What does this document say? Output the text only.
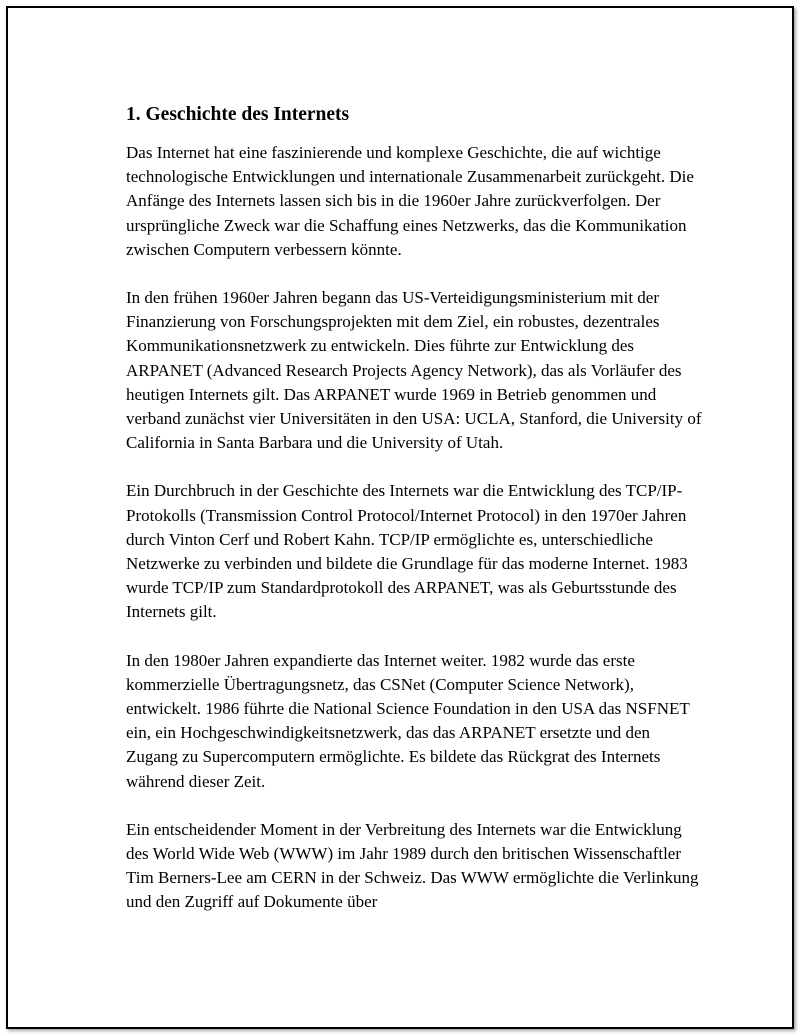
1. Geschichte des Internets

Das Internet hat eine faszinierende und komplexe Geschichte, die auf wichtige technologische Entwicklungen und internationale Zusammenarbeit zurückgeht. Die Anfänge des Internets lassen sich bis in die 1960er Jahre zurückverfolgen. Der ursprüngliche Zweck war die Schaffung eines Netzwerks, das die Kommunikation zwischen Computern verbessern könnte.

In den frühen 1960er Jahren begann das US-Verteidigungsministerium mit der Finanzierung von Forschungsprojekten mit dem Ziel, ein robustes, dezentrales Kommunikationsnetzwerk zu entwickeln. Dies führte zur Entwicklung des ARPANET (Advanced Research Projects Agency Network), das als Vorläufer des heutigen Internets gilt. Das ARPANET wurde 1969 in Betrieb genommen und verband zunächst vier Universitäten in den USA: UCLA, Stanford, die University of California in Santa Barbara und die University of Utah.

Ein Durchbruch in der Geschichte des Internets war die Entwicklung des TCP/IP-Protokolls (Transmission Control Protocol/Internet Protocol) in den 1970er Jahren durch Vinton Cerf und Robert Kahn. TCP/IP ermöglichte es, unterschiedliche Netzwerke zu verbinden und bildete die Grundlage für das moderne Internet. 1983 wurde TCP/IP zum Standardprotokoll des ARPANET, was als Geburtsstunde des Internets gilt.

In den 1980er Jahren expandierte das Internet weiter. 1982 wurde das erste kommerzielle Übertragungsnetz, das CSNet (Computer Science Network), entwickelt. 1986 führte die National Science Foundation in den USA das NSFNET ein, ein Hochgeschwindigkeitsnetzwerk, das das ARPANET ersetzte und den Zugang zu Supercomputern ermöglichte. Es bildete das Rückgrat des Internets während dieser Zeit.

Ein entscheidender Moment in der Verbreitung des Internets war die Entwicklung des World Wide Web (WWW) im Jahr 1989 durch den britischen Wissenschaftler Tim Berners-Lee am CERN in der Schweiz. Das WWW ermöglichte die Verlinkung und den Zugriff auf Dokumente über
